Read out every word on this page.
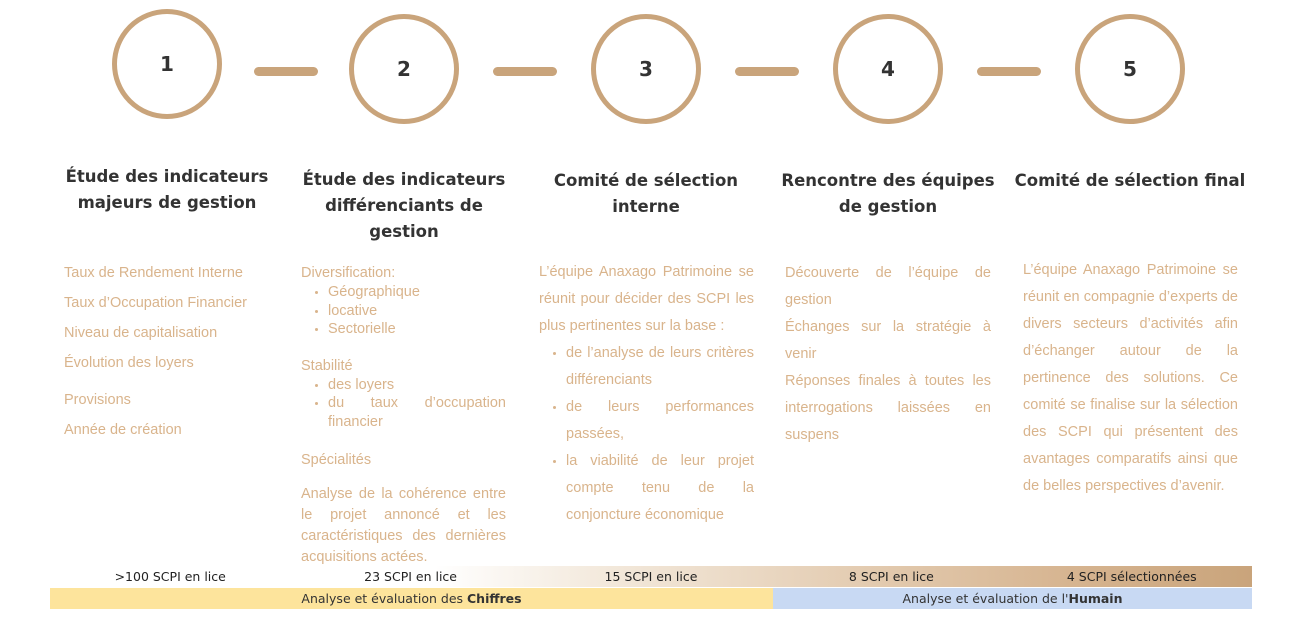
1	2	3	4	5
Étude des indicateurs
majeurs de gestion
Étude des indicateurs
différenciants de
gestion
Comité de sélection
interne
Rencontre des équipes
de gestion
Comité de sélection final
Taux de Rendement Interne
Taux d’Occupation Financier
Niveau de capitalisation
Évolution des loyers
Provisions
Année de création
Diversification:
• Géographique
• locative
• Sectorielle
Stabilité
• des loyers
• du taux d’occupation financier
Spécialités
Analyse de la cohérence entre le projet annoncé et les caractéristiques des dernières acquisitions actées.
L’équipe Anaxago Patrimoine se réunit pour décider des SCPI les plus pertinentes sur la base :
• de l’analyse de leurs critères différenciants
• de leurs performances passées,
• la viabilité de leur projet compte tenu de la conjoncture économique
Découverte de l’équipe de gestion
Échanges sur la stratégie à venir
Réponses finales à toutes les interrogations laissées en suspens
L’équipe Anaxago Patrimoine se réunit en compagnie d’experts de divers secteurs d’activités afin d’échanger autour de la pertinence des solutions. Ce comité se finalise sur la sélection des SCPI qui présentent des avantages comparatifs ainsi que de belles perspectives d’avenir.
>100 SCPI en lice	23 SCPI en lice	15 SCPI en lice	8 SCPI en lice	4 SCPI sélectionnées
Analyse et évaluation des Chiffres	Analyse et évaluation de l'Humain
